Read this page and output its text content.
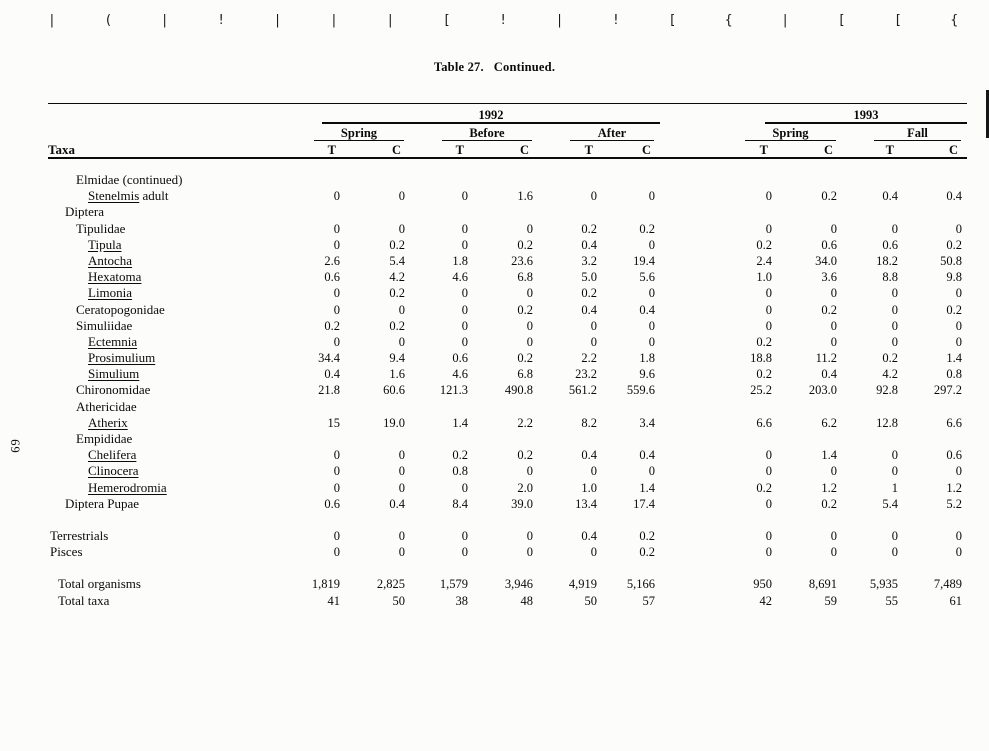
|	(	|	!	|	|	|	[	!	|	!	[	{	|	[	[	{
Table 27.   Continued.
69
1992	1993
Spring	Before	After	Spring	Fall
Taxa	T	C	T	C	T	C	T	C	T	C
Elmidae (continued)
Stenelmis adult	0	0	0	1.6	0	0	0	0.2	0.4	0.4
Diptera
Tipulidae	0	0	0	0	0.2	0.2	0	0	0	0
Tipula	0	0.2	0	0.2	0.4	0	0.2	0.6	0.6	0.2
Antocha	2.6	5.4	1.8	23.6	3.2	19.4	2.4	34.0	18.2	50.8
Hexatoma	0.6	4.2	4.6	6.8	5.0	5.6	1.0	3.6	8.8	9.8
Limonia	0	0.2	0	0	0.2	0	0	0	0	0
Ceratopogonidae	0	0	0	0.2	0.4	0.4	0	0.2	0	0.2
Simuliidae	0.2	0.2	0	0	0	0	0	0	0	0
Ectemnia	0	0	0	0	0	0	0.2	0	0	0
Prosimulium	34.4	9.4	0.6	0.2	2.2	1.8	18.8	11.2	0.2	1.4
Simulium	0.4	1.6	4.6	6.8	23.2	9.6	0.2	0.4	4.2	0.8
Chironomidae	21.8	60.6	121.3	490.8	561.2	559.6	25.2	203.0	92.8	297.2
Athericidae
Atherix	15	19.0	1.4	2.2	8.2	3.4	6.6	6.2	12.8	6.6
Empididae
Chelifera	0	0	0.2	0.2	0.4	0.4	0	1.4	0	0.6
Clinocera	0	0	0.8	0	0	0	0	0	0	0
Hemerodromia	0	0	0	2.0	1.0	1.4	0.2	1.2	1	1.2
Diptera Pupae	0.6	0.4	8.4	39.0	13.4	17.4	0	0.2	5.4	5.2
Terrestrials	0	0	0	0	0.4	0.2	0	0	0	0
Pisces	0	0	0	0	0	0.2	0	0	0	0
Total organisms	1,819	2,825	1,579	3,946	4,919	5,166	950	8,691	5,935	7,489
Total taxa	41	50	38	48	50	57	42	59	55	61
